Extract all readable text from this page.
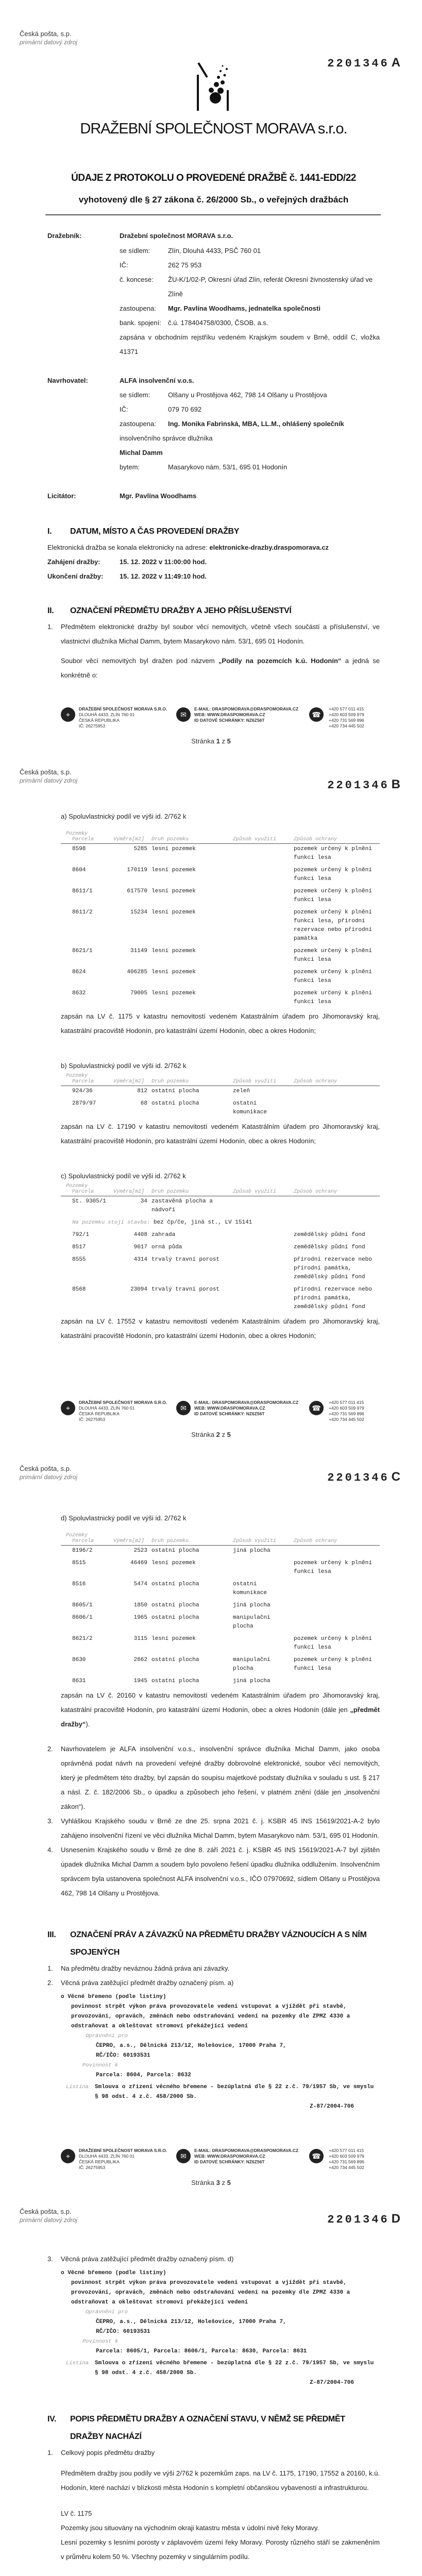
Česká pošta, s.p.
primární datový zdroj
2201346 A
DRAŽEBNÍ SPOLEČNOST MORAVA s.r.o.
ÚDAJE Z PROTOKOLU O PROVEDENÉ DRAŽBĚ č. 1441-EDD/22
vyhotovený dle § 27 zákona č. 26/2000 Sb., o veřejných dražbách
Dražebník:	Dražební společnost MORAVA s.r.o.
se sídlem:	Zlín, Dlouhá 4433, PSČ 760 01
IČ:	262 75 953
č. koncese:	ŽU-K/1/02-P, Okresní úřad Zlín, referát Okresní živnostenský úřad ve Zlíně
zastoupena:	Mgr. Pavlína Woodhams, jednatelka společnosti
bank. spojení:	č.ú. 178404758/0300, ČSOB, a.s.
zapsána v obchodním rejstříku vedeném Krajským soudem v Brně, oddíl C, vložka 41371
Navrhovatel:	ALFA insolvenční v.o.s.
se sídlem:	Olšany u Prostějova 462, 798 14 Olšany u Prostějova
IČ:	079 70 692
zastoupena:	Ing. Monika Fabrinská, MBA, LL.M., ohlášený společník
insolvenčního správce dlužníka
Michal Damm
bytem:	Masarykovo nám. 53/1, 695 01 Hodonín
Licitátor:	Mgr. Pavlína Woodhams
I.	DATUM, MÍSTO A ČAS PROVEDENÍ DRAŽBY
Elektronická dražba se konala elektronicky na adrese: elektronicke-drazby.draspomorava.cz
Zahájení dražby:	15. 12. 2022 v 11:00:00 hod.
Ukončení dražby:	15. 12. 2022 v 11:49:10 hod.
II.	OZNAČENÍ PŘEDMĚTU DRAŽBY A JEHO PŘÍSLUŠENSTVÍ
1.	Předmětem elektronické dražby byl soubor věcí nemovitých, včetně všech součástí a příslušenství, ve vlastnictví dlužníka Michal Damm, bytem Masarykovo nám. 53/1, 695 01 Hodonín.
Soubor věcí nemovitých byl dražen pod názvem „Podíly na pozemcích k.ú. Hodonín“ a jedná se konkrétně o:
⌖
DRAŽEBNÍ SPOLEČNOST MORAVA S.R.O.
DLOUHÁ 4433, ZLÍN 760 01
ČESKÁ REPUBLIKA
IČ: 26275953
✉
E-MAIL: DRASPOMORAVA@DRASPOMORAVA.CZ
WEB: WWW.DRASPOMORAVA.CZ
ID DATOVÉ SCHRÁNKY: NZ6Z56T
☎
+420 577 011 415
+420 603 509 979
+420 731 569 896
+420 734 445 502
Stránka 1 z 5
Česká pošta, s.p.
primární datový zdroj	2201346 B
a) Spoluvlastnický podíl ve výši id. 2/762 k
Pozemky
Parcela	Výměra[m2]	Druh pozemku	Způsob využití	Způsob ochrany
8598	5285	lesní pozemek		pozemek určený k plnění funkcí lesa
8604	170119	lesní pozemek		pozemek určený k plnění funkcí lesa
8611/1	617570	lesní pozemek		pozemek určený k plnění funkcí lesa
8611/2	15234	lesní pozemek		pozemek určený k plnění funkcí lesa, přírodní rezervace nebo přírodní památka
8621/1	31149	lesní pozemek		pozemek určený k plnění funkcí lesa
8624	406285	lesní pozemek		pozemek určený k plnění funkcí lesa
8632	79005	lesní pozemek		pozemek určený k plnění funkcí lesa
zapsán na LV č. 1175 v katastru nemovitostí vedeném Katastrálním úřadem pro Jihomoravský kraj, katastrální pracoviště Hodonín, pro katastrální území Hodonín, obec a okres Hodonín;
b) Spoluvlastnický podíl ve výši id. 2/762 k
Pozemky
Parcela	Výměra[m2]	Druh pozemku	Způsob využití	Způsob ochrany
924/36	812	ostatní plocha	zeleň	
2879/97	68	ostatní plocha	ostatní komunikace	
zapsán na LV č. 17190 v katastru nemovitostí vedeném Katastrálním úřadem pro Jihomoravský kraj, katastrální pracoviště Hodonín, pro katastrální území Hodonín, obec a okres Hodonín;
c) Spoluvlastnický podíl ve výši id. 2/762 k
Pozemky
Parcela	Výměra[m2]	Druh pozemku	Způsob využití	Způsob ochrany
St. 9305/1	34	zastavěná plocha a nádvoří		
Na pozemku stojí stavba: bez čp/če, jiná st., LV 15141				
792/1	4408	zahrada		zemědělský půdní fond
8517	9617	orná půda		zemědělský půdní fond
8555	4314	trvalý travní porost		přírodní rezervace nebo přírodní památka, zemědělský půdní fond
8568	23094	trvalý travní porost		přírodní rezervace nebo přírodní památka, zemědělský půdní fond
zapsán na LV č. 17552 v katastru nemovitostí vedeném Katastrálním úřadem pro Jihomoravský kraj, katastrální pracoviště Hodonín, pro katastrální území Hodonín, obec a okres Hodonín;
⌖
DRAŽEBNÍ SPOLEČNOST MORAVA S.R.O.
DLOUHÁ 4433, ZLÍN 760 01
ČESKÁ REPUBLIKA
IČ: 26275953
✉
E-MAIL: DRASPOMORAVA@DRASPOMORAVA.CZ
WEB: WWW.DRASPOMORAVA.CZ
ID DATOVÉ SCHRÁNKY: NZ6Z56T
☎
+420 577 011 415
+420 603 509 979
+420 731 569 896
+420 734 445 502
Stránka 2 z 5
Česká pošta, s.p.
primární datový zdroj	2201346 C
d) Spoluvlastnický podíl ve výši id. 2/762 k
Pozemky
Parcela	Výměra[m2]	Druh pozemku	Způsob využití	Způsob ochrany
8196/2	2523	ostatní plocha	jiná plocha	
8515	46469	lesní pozemek		pozemek určený k plnění funkcí lesa
8516	5474	ostatní plocha	ostatní komunikace	
8605/1	1850	ostatní plocha	jiná plocha	
8606/1	1965	ostatní plocha	manipulační plocha	
8621/2	3115	lesní pozemek		pozemek určený k plnění funkcí lesa
8630	2662	ostatní plocha	manipulační plocha	pozemek určený k plnění funkcí lesa
8631	1945	ostatní plocha	jiná plocha	
zapsán na LV č. 20160 v katastru nemovitostí vedeném Katastrálním úřadem pro Jihomoravský kraj, katastrální pracoviště Hodonín, pro katastrální území Hodonín, obec a okres Hodonín (dále jen „předmět dražby“).
2.	Navrhovatelem je ALFA insolvenční v.o.s., insolvenční správce dlužníka Michal Damm, jako osoba oprávněná podat návrh na provedení veřejné dražby dobrovolné elektronické, soubor věcí nemovitých, který je předmětem této dražby, byl zapsán do soupisu majetkové podstaty dlužníka v souladu s ust. § 217 a násl. Z. č. 182/2006 Sb., o úpadku a způsobech jeho řešení, v platném znění (dále jen „insolvenční zákon“).
3.	Vyhláškou Krajského soudu v Brně ze dne 25. srpna 2021 č. j. KSBR 45 INS 15619/2021-A-2 bylo zahájeno insolvenční řízení ve věci dlužníka Michal Damm, bytem Masarykovo nám. 53/1, 695 01 Hodonín.
4.	Usnesením Krajského soudu v Brně ze dne 8. září 2021 č. j. KSBR 45 INS 15619/2021-A-7 byl zjištěn úpadek dlužníka Michal Damm a soudem bylo povoleno řešení úpadku dlužníka oddlužením. Insolvenčním správcem byla ustanovena společnost ALFA insolvenční v.o.s., IČO 07970692, sídlem Olšany u Prostějova 462, 798 14 Olšany u Prostějova.
III.	OZNAČENÍ PRÁV A ZÁVAZKŮ NA PŘEDMĚTU DRAŽBY VÁZNOUCÍCH A S NÍM SPOJENÝCH
1.	Na předmětu dražby neváznou žádná práva ani závazky.
2.	Věcná práva zatěžující předmět dražby označený písm. a)
o Věcné břemeno (podle listiny)
povinnost strpět výkon práva provozovatele vedení vstupovat a vjíždět při stavbě, provozování, opravách, změnách nebo odstraňování vedení na pozemky dle ZPMZ 4330 a odstraňovat a okleštovat stromoví překážející vedení
Oprávnění pro
ČEPRO, a.s., Dělnická 213/12, Holešovice, 17000 Praha 7, RČ/IČO: 60193531
Povinnost k
Parcela: 8604, Parcela: 8632
Listina	Smlouva o zřízení věcného břemene - bezúplatná dle § 22 z.č. 79/1957 Sb, ve smyslu § 98 odst. 4 z.č. 458/2000 Sb.
Z-87/2004-706
⌖
DRAŽEBNÍ SPOLEČNOST MORAVA S.R.O.
DLOUHÁ 4433, ZLÍN 760 01
ČESKÁ REPUBLIKA
IČ: 26275953
✉
E-MAIL: DRASPOMORAVA@DRASPOMORAVA.CZ
WEB: WWW.DRASPOMORAVA.CZ
ID DATOVÉ SCHRÁNKY: NZ6Z56T
☎
+420 577 011 415
+420 603 509 979
+420 731 569 896
+420 734 445 502
Stránka 3 z 5
Česká pošta, s.p.
primární datový zdroj	2201346 D
3.	Věcná práva zatěžující předmět dražby označený písm. d)
o Věcné břemeno (podle listiny)
povinnost strpět výkon práva provozovatele vedení vstupovat a vjíždět při stavbě, provozování, opravách, změnách nebo odstraňování vedení na pozemky dle ZPMZ 4330 a odstraňovat a okleštovat stromoví překážející vedení
Oprávnění pro
ČEPRO, a.s., Dělnická 213/12, Holešovice, 17000 Praha 7, RČ/IČO: 60193531
Povinnost k
Parcela: 8605/1, Parcela: 8606/1, Parcela: 8630, Parcela: 8631
Listina	Smlouva o zřízení věcného břemene - bezúplatná dle § 22 z.č. 79/1957 Sb, ve smyslu § 98 odst. 4 z.č. 458/2000 Sb.
Z-87/2004-706
IV.	POPIS PŘEDMĚTU DRAŽBY A OZNAČENÍ STAVU, V NĚMŽ SE PŘEDMĚT DRAŽBY NACHÁZÍ
1.	Celkový popis předmětu dražby
Předmětem dražby jsou podíly ve výši 2/762 k pozemkům zaps. na LV č. 1175, 17190, 17552 a 20160, k.ú. Hodonín, které nachází v blízkosti města Hodonín s kompletní občanskou vybaveností a infrastrukturou.
LV č. 1175
Pozemky jsou situovány na východním okraji katastru města v údolní nivě řeky Moravy.
Lesní pozemky s lesními porosty v záplavovém území řeky Moravy. Porosty různého stáří se zakmeněním v průměru kolem 50 %. Všechny pozemky v singulárním podílu.
